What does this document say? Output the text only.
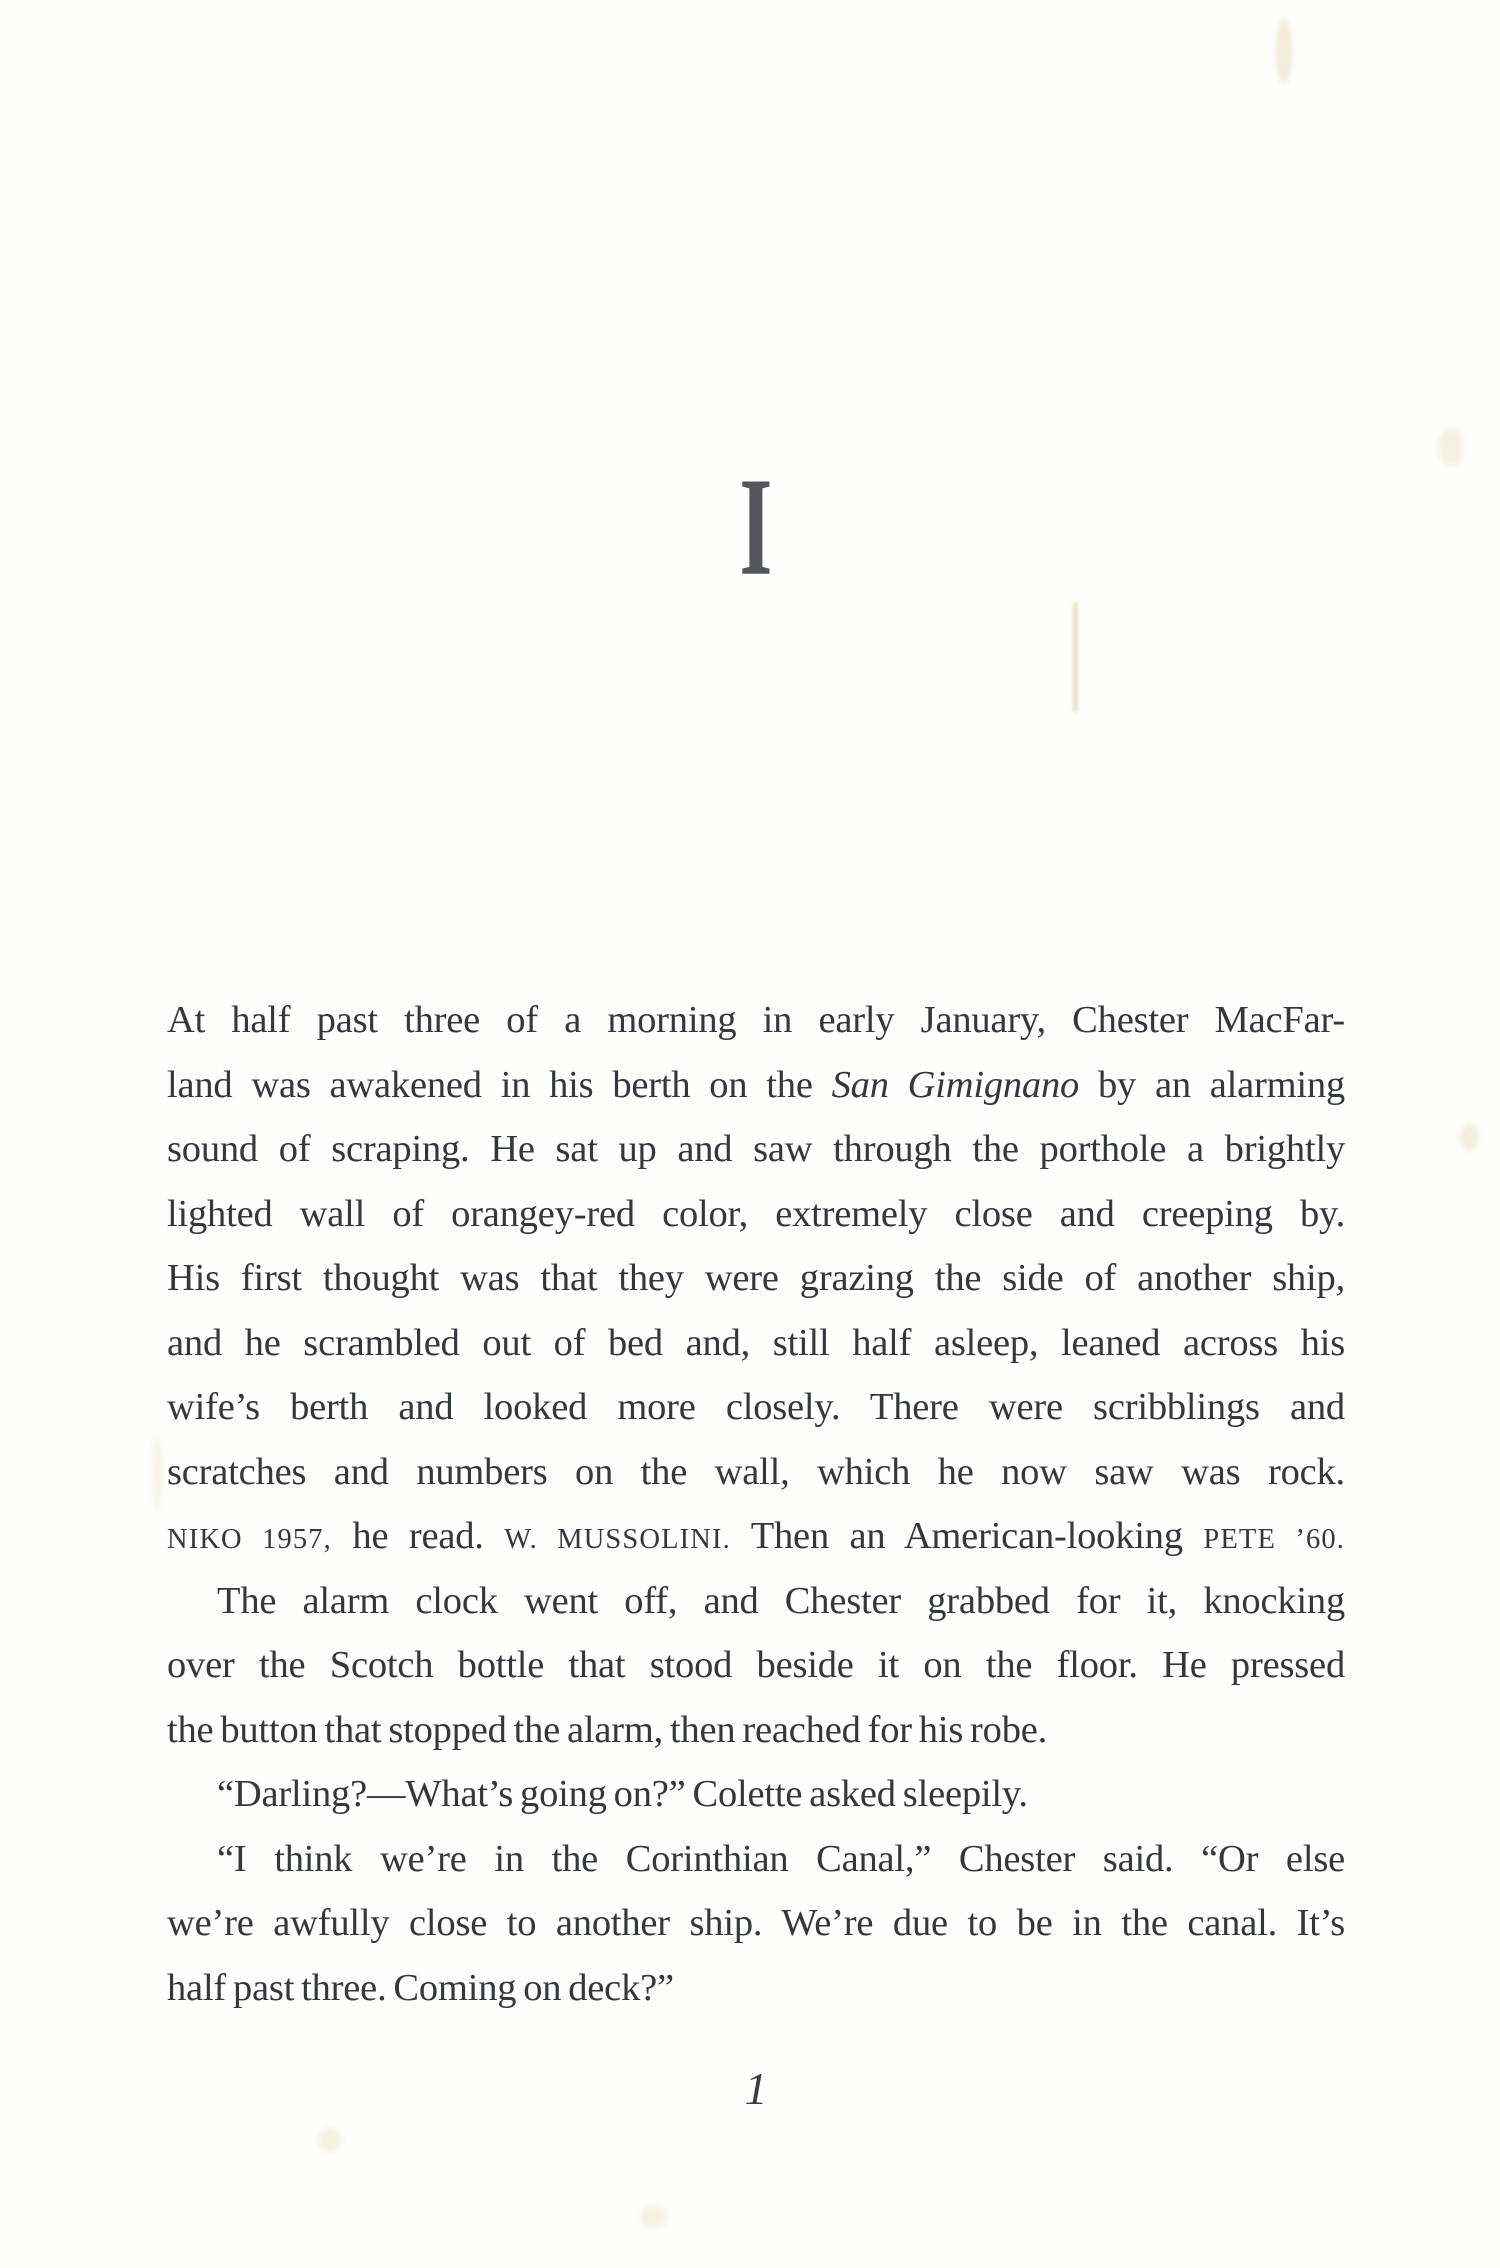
I
At half past three of a morning in early January, Chester MacFar-
land was awakened in his berth on the San Gimignano by an alarming
sound of scraping. He sat up and saw through the porthole a brightly
lighted wall of orangey-red color, extremely close and creeping by.
His first thought was that they were grazing the side of another ship,
and he scrambled out of bed and, still half asleep, leaned across his
wife’s berth and looked more closely. There were scribblings and
scratches and numbers on the wall, which he now saw was rock.
NIKO 1957, he read. W. MUSSOLINI. Then an American-looking PETE ’60.
The alarm clock went off, and Chester grabbed for it, knocking
over the Scotch bottle that stood beside it on the floor. He pressed
the button that stopped the alarm, then reached for his robe.
“Darling?—What’s going on?” Colette asked sleepily.
“I think we’re in the Corinthian Canal,” Chester said. “Or else
we’re awfully close to another ship. We’re due to be in the canal. It’s
half past three. Coming on deck?”
1
